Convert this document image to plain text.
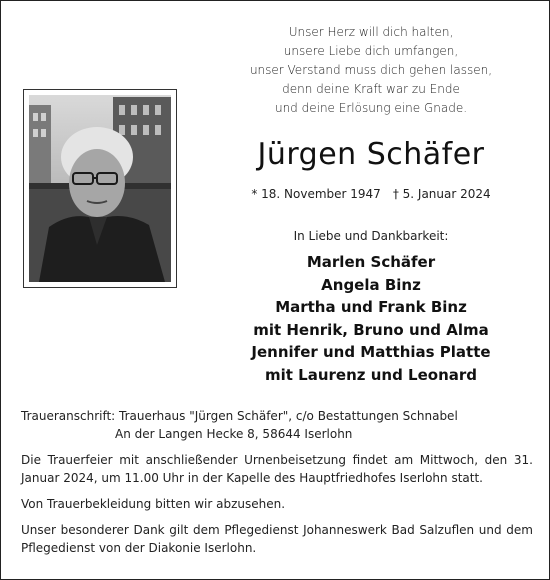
Unser Herz will dich halten,
unsere Liebe dich umfangen,
unser Verstand muss dich gehen lassen,
denn deine Kraft war zu Ende
und deine Erlösung eine Gnade.
Jürgen Schäfer
* 18. November 1947 † 5. Januar 2024
In Liebe und Dankbarkeit:
Marlen Schäfer
Angela Binz
Martha und Frank Binz
mit Henrik, Bruno und Alma
Jennifer und Matthias Platte
mit Laurenz und Leonard

Traueranschrift: Trauerhaus "Jürgen Schäfer", c/o Bestattungen Schnabel

An der Langen Hecke 8, 58644 Iserlohn

Die Trauerfeier mit anschließender Urnenbeisetzung findet am Mittwoch, den 31. Januar 2024, um 11.00 Uhr in der Kapelle des Hauptfriedhofes Iserlohn statt.

Von Trauerbekleidung bitten wir abzusehen.

Unser besonderer Dank gilt dem Pflegedienst Johanneswerk Bad Salzuflen und dem Pflegedienst von der Diakonie Iserlohn.
